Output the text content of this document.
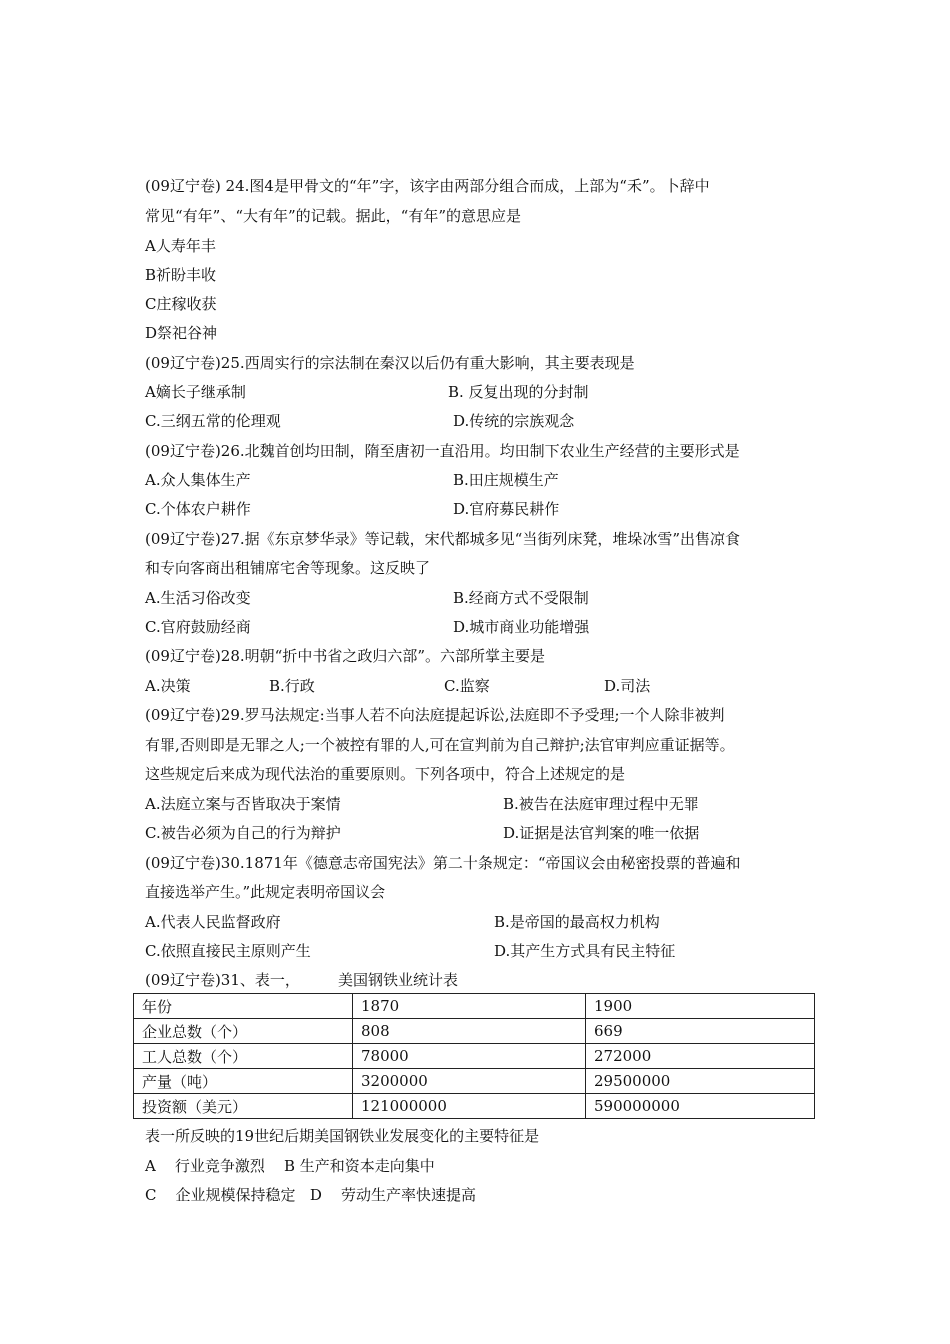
(09辽宁卷) 24.图4是甲骨文的“年”字，该字由两部分组合而成，上部为“禾”。卜辞中
常见“有年”、“大有年”的记载。据此，“有年”的意思应是
A人寿年丰
B祈盼丰收
C庄稼收获
D祭祀谷神
(09辽宁卷)25.西周实行的宗法制在秦汉以后仍有重大影响，其主要表现是
A嫡长子继承制	B. 反复出现的分封制
C.三纲五常的伦理观	D.传统的宗族观念
(09辽宁卷)26.北魏首创均田制，隋至唐初一直沿用。均田制下农业生产经营的主要形式是
A.众人集体生产	B.田庄规模生产
C.个体农户耕作	D.官府募民耕作
(09辽宁卷)27.据《东京梦华录》等记载，宋代都城多见“当街列床凳，堆垛冰雪”出售凉食
和专向客商出租铺席宅舍等现象。这反映了
A.生活习俗改变	B.经商方式不受限制
C.官府鼓励经商	D.城市商业功能增强
(09辽宁卷)28.明朝“折中书省之政归六部”。六部所掌主要是
A.决策	B.行政	C.监察	D.司法
(09辽宁卷)29.罗马法规定:当事人若不向法庭提起诉讼,法庭即不予受理;一个人除非被判
有罪,否则即是无罪之人;一个被控有罪的人,可在宣判前为自己辩护;法官审判应重证据等。
这些规定后来成为现代法治的重要原则。下列各项中，符合上述规定的是
A.法庭立案与否皆取决于案情	B.被告在法庭审理过程中无罪
C.被告必须为自己的行为辩护	D.证据是法官判案的唯一依据
(09辽宁卷)30.1871年《德意志帝国宪法》第二十条规定：“帝国议会由秘密投票的普遍和
直接选举产生。”此规定表明帝国议会
A.代表人民监督政府	B.是帝国的最高权力机构
C.依照直接民主原则产生	D.其产生方式具有民主特征
(09辽宁卷)31、表一，        美国钢铁业统计表
年份	1870	1900
企业总数（个）	808	669
工人总数（个）	78000	272000
产量（吨）	3200000	29500000
投资额（美元）	121000000	590000000
表一所反映的19世纪后期美国钢铁业发展变化的主要特征是
A    行业竞争激烈    B 生产和资本走向集中
C    企业规模保持稳定   D    劳动生产率快速提高
